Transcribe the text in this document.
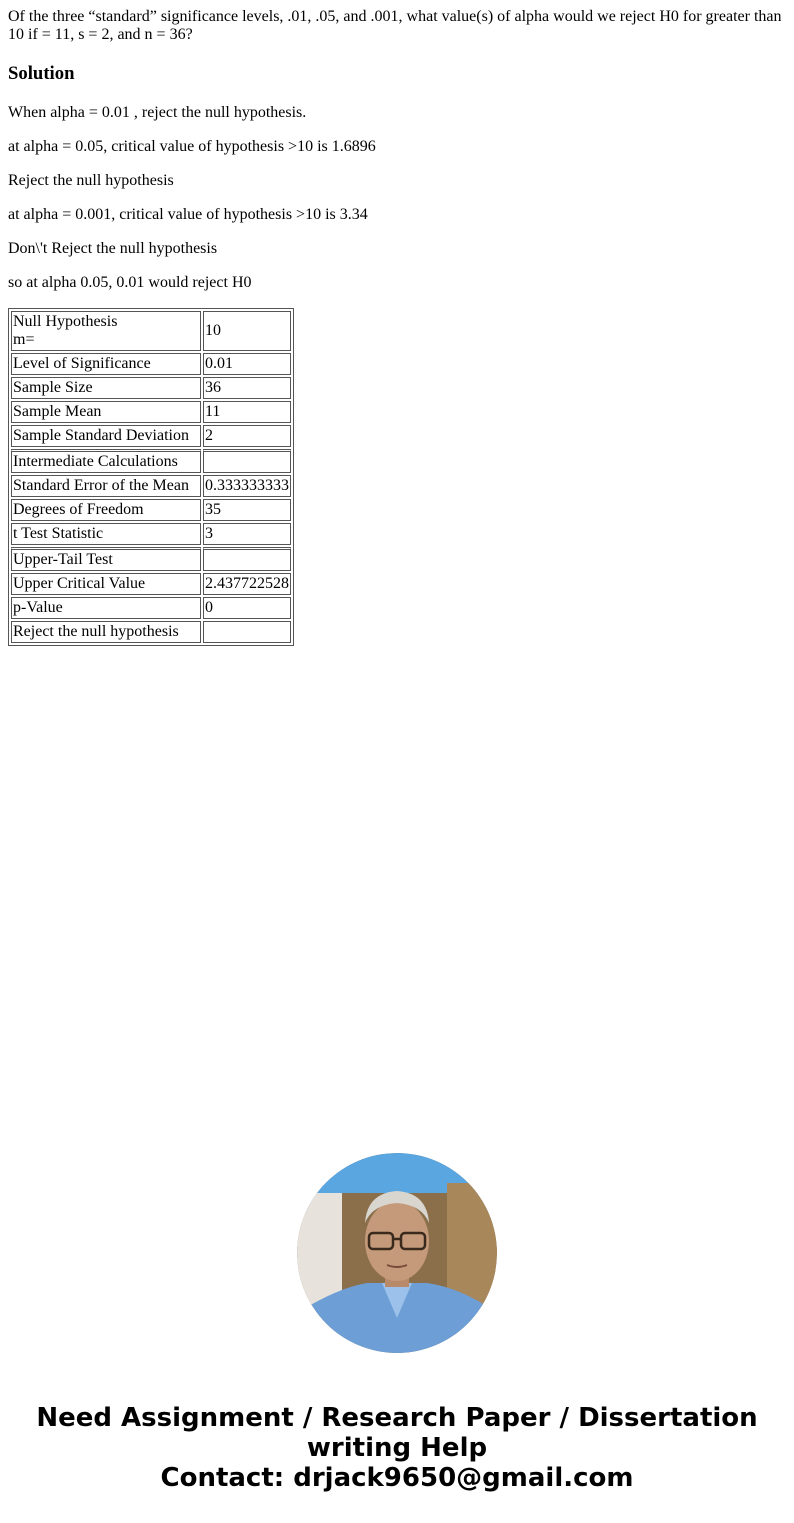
Of the three “standard” significance levels, .01, .05, and .001, what value(s) of alpha would we reject H0 for greater than 10 if = 11, s = 2, and n = 36?

Solution

When alpha = 0.01 , reject the null hypothesis.

at alpha = 0.05, critical value of hypothesis >10 is 1.6896

Reject the null hypothesis

at alpha = 0.001, critical value of hypothesis >10 is 3.34

Don\'t Reject the null hypothesis

so at alpha 0.05, 0.01 would reject H0

Null Hypothesis
m=	10
Level of Significance	0.01
Sample Size	36
Sample Mean	11
Sample Standard Deviation	2
Intermediate Calculations	
Standard Error of the Mean	0.333333333
Degrees of Freedom	35
t Test Statistic	3
Upper-Tail Test	
Upper Critical Value	2.437722528
p-Value	0
Reject the null hypothesis	
Need Assignment / Research Paper / Dissertation
writing Help
Contact: drjack9650@gmail.com
